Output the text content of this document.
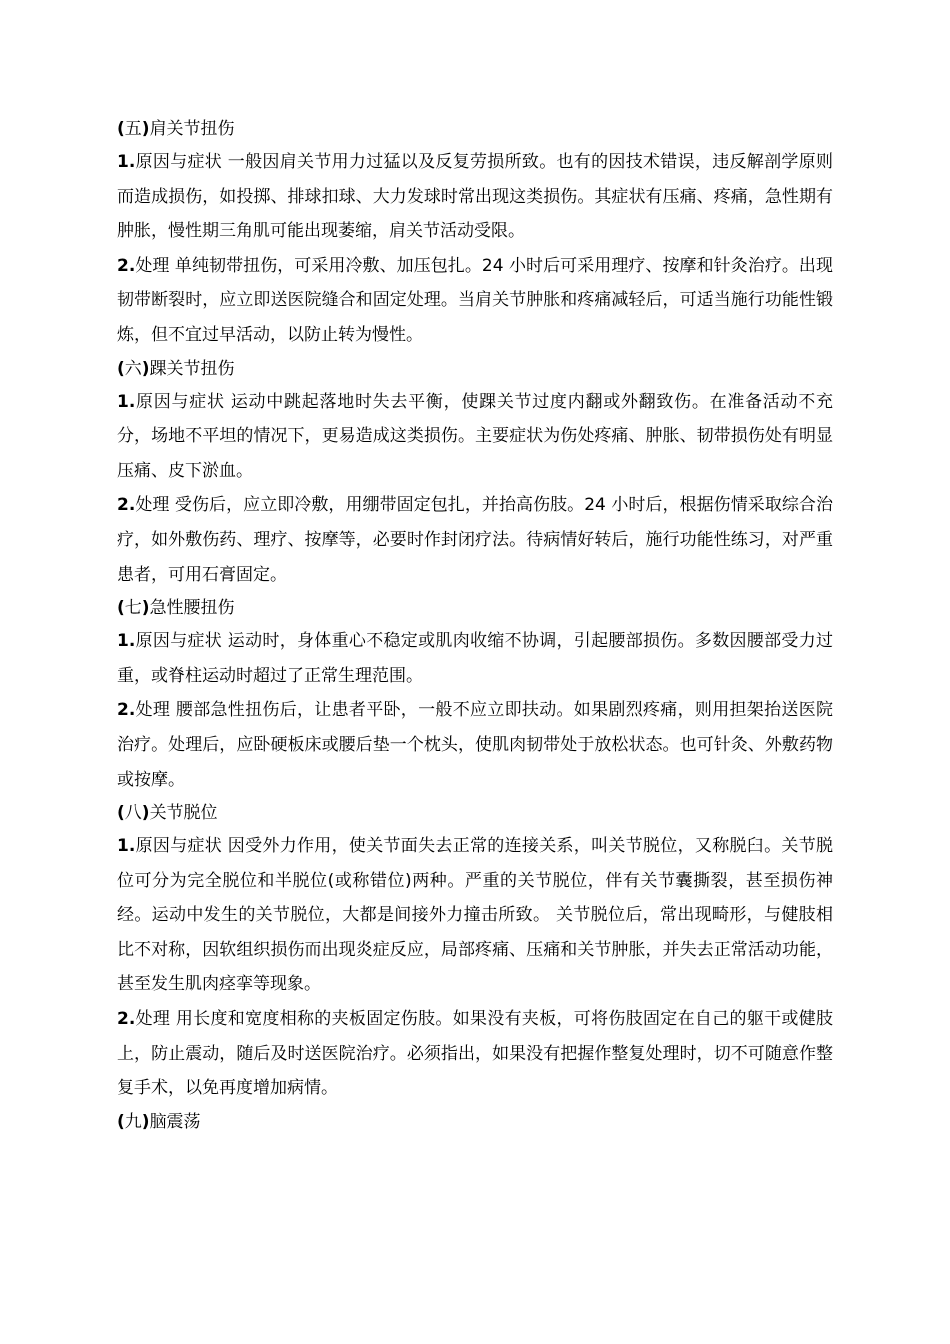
(五)肩关节扭伤

1.原因与症状 一般因肩关节用力过猛以及反复劳损所致。也有的因技术错误，违反解剖学原则而造成损伤，如投掷、排球扣球、大力发球时常出现这类损伤。其症状有压痛、疼痛，急性期有肿胀，慢性期三角肌可能出现萎缩，肩关节活动受限。

2.处理 单纯韧带扭伤，可采用冷敷、加压包扎。24 小时后可采用理疗、按摩和针灸治疗。出现韧带断裂时，应立即送医院缝合和固定处理。当肩关节肿胀和疼痛减轻后，可适当施行功能性锻炼，但不宜过早活动，以防止转为慢性。

(六)踝关节扭伤

1.原因与症状 运动中跳起落地时失去平衡，使踝关节过度内翻或外翻致伤。在准备活动不充分，场地不平坦的情况下，更易造成这类损伤。主要症状为伤处疼痛、肿胀、韧带损伤处有明显压痛、皮下淤血。

2.处理 受伤后，应立即冷敷，用绷带固定包扎，并抬高伤肢。24 小时后，根据伤情采取综合治疗，如外敷伤药、理疗、按摩等，必要时作封闭疗法。待病情好转后，施行功能性练习，对严重患者，可用石膏固定。

(七)急性腰扭伤

1.原因与症状 运动时，身体重心不稳定或肌肉收缩不协调，引起腰部损伤。多数因腰部受力过重，或脊柱运动时超过了正常生理范围。

2.处理 腰部急性扭伤后，让患者平卧，一般不应立即扶动。如果剧烈疼痛，则用担架抬送医院治疗。处理后，应卧硬板床或腰后垫一个枕头，使肌肉韧带处于放松状态。也可针灸、外敷药物或按摩。

(八)关节脱位

1.原因与症状 因受外力作用，使关节面失去正常的连接关系，叫关节脱位，又称脱臼。关节脱位可分为完全脱位和半脱位(或称错位)两种。严重的关节脱位，伴有关节囊撕裂，甚至损伤神经。运动中发生的关节脱位，大都是间接外力撞击所致。 关节脱位后，常出现畸形，与健肢相比不对称，因软组织损伤而出现炎症反应，局部疼痛、压痛和关节肿胀，并失去正常活动功能，甚至发生肌肉痉挛等现象。

2.处理 用长度和宽度相称的夹板固定伤肢。如果没有夹板，可将伤肢固定在自己的躯干或健肢上，防止震动，随后及时送医院治疗。必须指出，如果没有把握作整复处理时，切不可随意作整复手术，以免再度增加病情。

(九)脑震荡
